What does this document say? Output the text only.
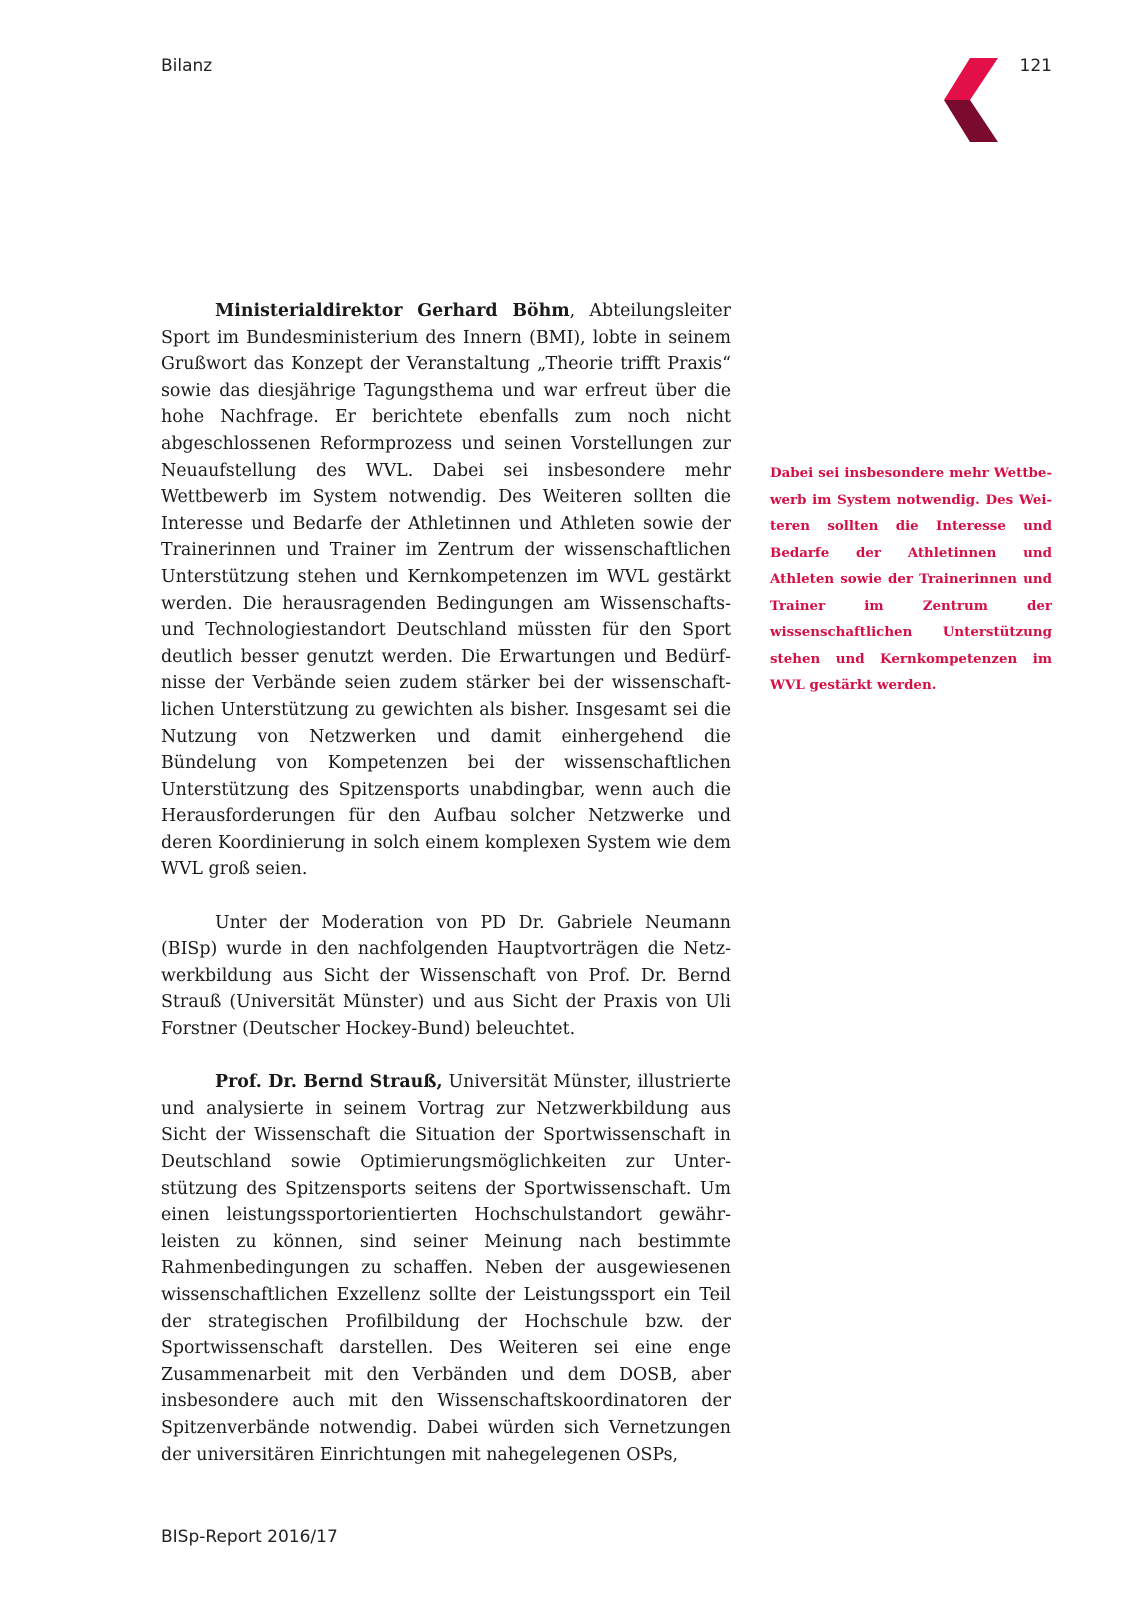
Bilanz	121

Ministerialdirektor Gerhard Böhm, Abteilungsleiter Sport im Bundesministerium des Innern (BMI), lobte in seinem Grußwort das Konzept der Veranstaltung „Theorie trifft Praxis“ sowie das diesjährige Tagungsthema und war erfreut über die hohe Nachfrage. Er berichtete ebenfalls zum noch nicht abgeschlossenen Reformprozess und seinen Vorstellungen zur Neuaufstellung des WVL. Dabei sei insbesondere mehr Wettbewerb im System notwendig. Des Weiteren sollten die Interesse und Bedarfe der Athletinnen und Athleten sowie der Trainerinnen und Trainer im Zentrum der wissenschaftlichen Unterstützung stehen und Kernkompetenzen im WVL gestärkt werden. Die herausragenden Bedingungen am Wissenschafts- und Technologiestandort Deutschland müssten für den Sport deutlich besser genutzt werden. Die Erwartungen und Bedürfnisse der Verbände seien zudem stärker bei der wissenschaftlichen Unterstützung zu gewichten als bisher. Insgesamt sei die Nutzung von Netzwerken und damit einhergehend die Bündelung von Kompetenzen bei der wissenschaftlichen Unterstützung des Spitzensports unabdingbar, wenn auch die Herausforderungen für den Aufbau solcher Netzwerke und deren Koordinierung in solch einem komplexen System wie dem WVL groß seien.

Unter der Moderation von PD Dr. Gabriele Neumann (BISp) wurde in den nachfolgenden Hauptvorträgen die Netzwerkbildung aus Sicht der Wissenschaft von Prof. Dr. Bernd Strauß (Universität Münster) und aus Sicht der Praxis von Uli Forstner (Deutscher Hockey-Bund) beleuchtet.

Prof. Dr. Bernd Strauß, Universität Münster, illustrierte und analysierte in seinem Vortrag zur Netzwerkbildung aus Sicht der Wissenschaft die Situation der Sportwissenschaft in Deutschland sowie Optimierungsmöglichkeiten zur Unterstützung des Spitzensports seitens der Sportwissenschaft. Um einen leistungssportorientierten Hochschulstandort gewährleisten zu können, sind seiner Meinung nach bestimmte Rahmenbedingungen zu schaffen. Neben der ausgewiesenen wissenschaftlichen Exzellenz sollte der Leistungssport ein Teil der strategischen Profilbildung der Hochschule bzw. der Sportwissenschaft darstellen. Des Weiteren sei eine enge Zusammenarbeit mit den Verbänden und dem DOSB, aber insbesondere auch mit den Wissenschaftskoordinatoren der Spitzenverbände notwendig. Dabei würden sich Vernetzungen der universitären Einrichtungen mit nahegelegenen OSPs,

Dabei sei insbesondere mehr Wettbewerb im System notwendig. Des Weiteren sollten die Interesse und Bedarfe der Athletinnen und Athleten sowie der Trainerinnen und Trainer im Zentrum der wissenschaftlichen Unterstützung stehen und Kernkompetenzen im WVL gestärkt werden.

BISp-Report 2016/17
